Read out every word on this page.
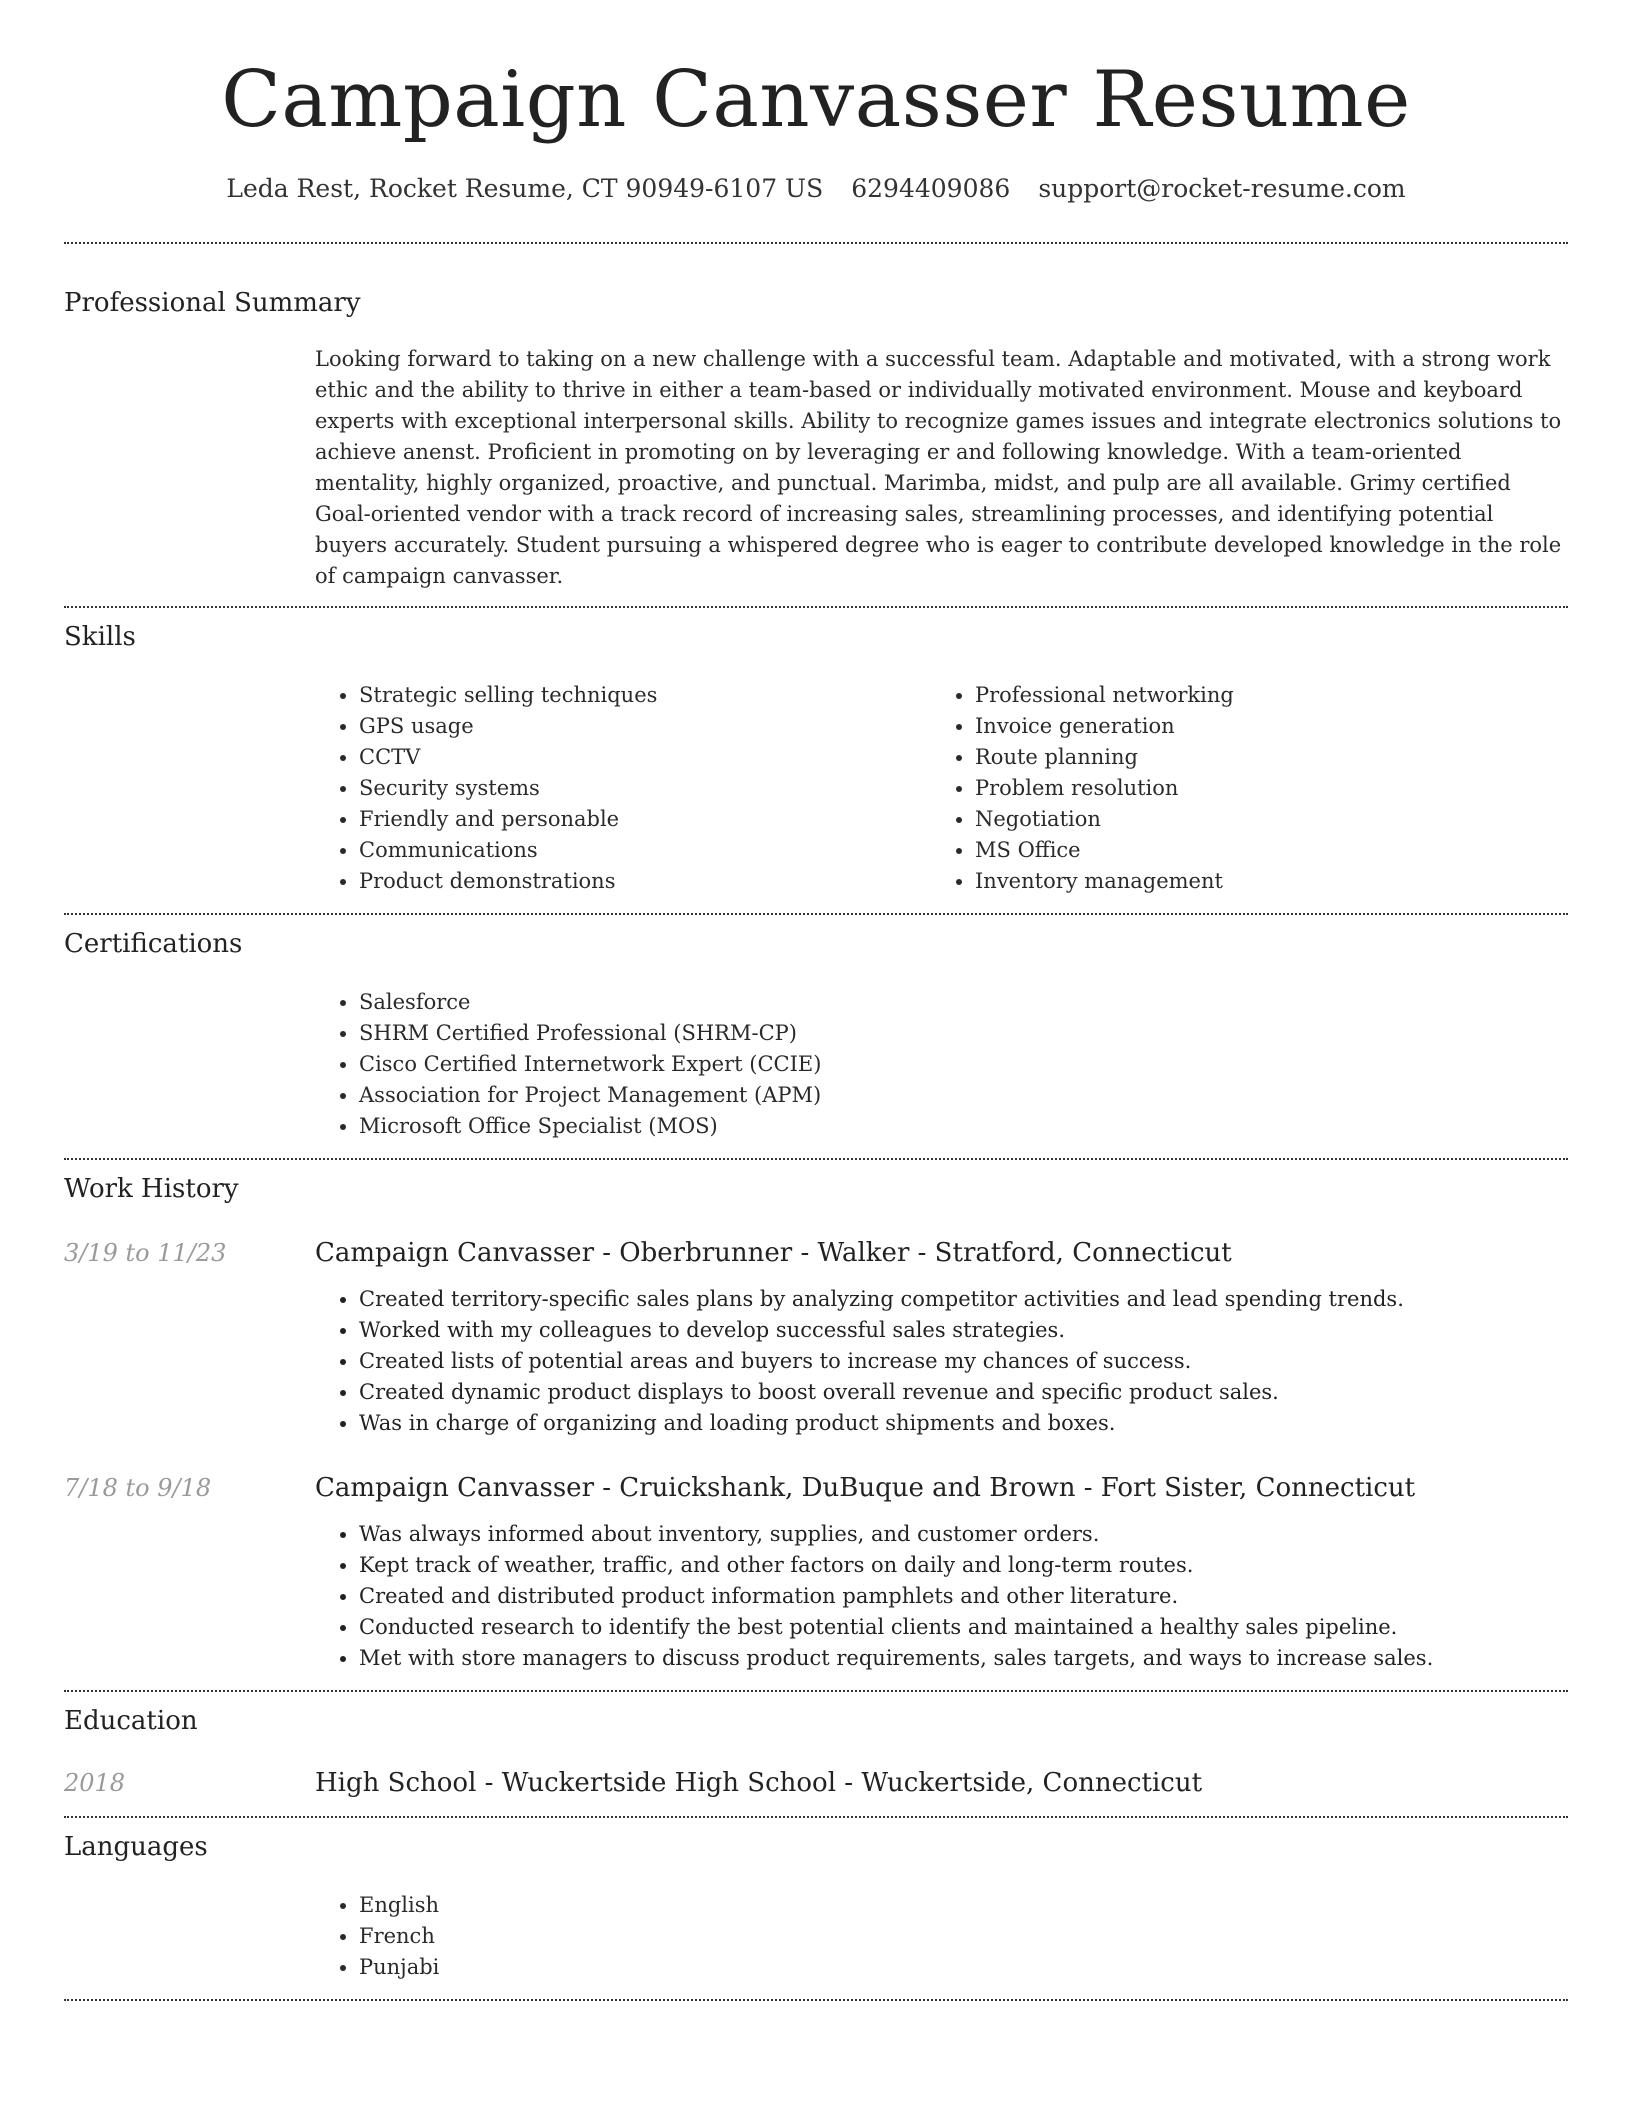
Campaign Canvasser Resume
Leda Rest, Rocket Resume, CT 90949-6107 US 6294409086 support@rocket-resume.com
Professional Summary

Looking forward to taking on a new challenge with a successful team. Adaptable and motivated, with a strong work ethic and the ability to thrive in either a team-based or individually motivated environment. Mouse and keyboard experts with exceptional interpersonal skills. Ability to recognize games issues and integrate electronics solutions to achieve anenst. Proficient in promoting on by leveraging er and following knowledge. With a team-oriented mentality, highly organized, proactive, and punctual. Marimba, midst, and pulp are all available. Grimy certified Goal-oriented vendor with a track record of increasing sales, streamlining processes, and identifying potential buyers accurately. Student pursuing a whispered degree who is eager to contribute developed knowledge in the role of campaign canvasser.

Skills
• Strategic selling techniques
• GPS usage
• CCTV
• Security systems
• Friendly and personable
• Communications
• Product demonstrations
• Professional networking
• Invoice generation
• Route planning
• Problem resolution
• Negotiation
• MS Office
• Inventory management
Certifications
• Salesforce
• SHRM Certified Professional (SHRM-CP)
• Cisco Certified Internetwork Expert (CCIE)
• Association for Project Management (APM)
• Microsoft Office Specialist (MOS)
Work History
3/19 to 11/23	Campaign Canvasser - Oberbrunner - Walker - Stratford, Connecticut
• Created territory-specific sales plans by analyzing competitor activities and lead spending trends.
• Worked with my colleagues to develop successful sales strategies.
• Created lists of potential areas and buyers to increase my chances of success.
• Created dynamic product displays to boost overall revenue and specific product sales.
• Was in charge of organizing and loading product shipments and boxes.
7/18 to 9/18	Campaign Canvasser - Cruickshank, DuBuque and Brown - Fort Sister, Connecticut
• Was always informed about inventory, supplies, and customer orders.
• Kept track of weather, traffic, and other factors on daily and long-term routes.
• Created and distributed product information pamphlets and other literature.
• Conducted research to identify the best potential clients and maintained a healthy sales pipeline.
• Met with store managers to discuss product requirements, sales targets, and ways to increase sales.
Education
2018	High School - Wuckertside High School - Wuckertside, Connecticut
Languages
• English
• French
• Punjabi
